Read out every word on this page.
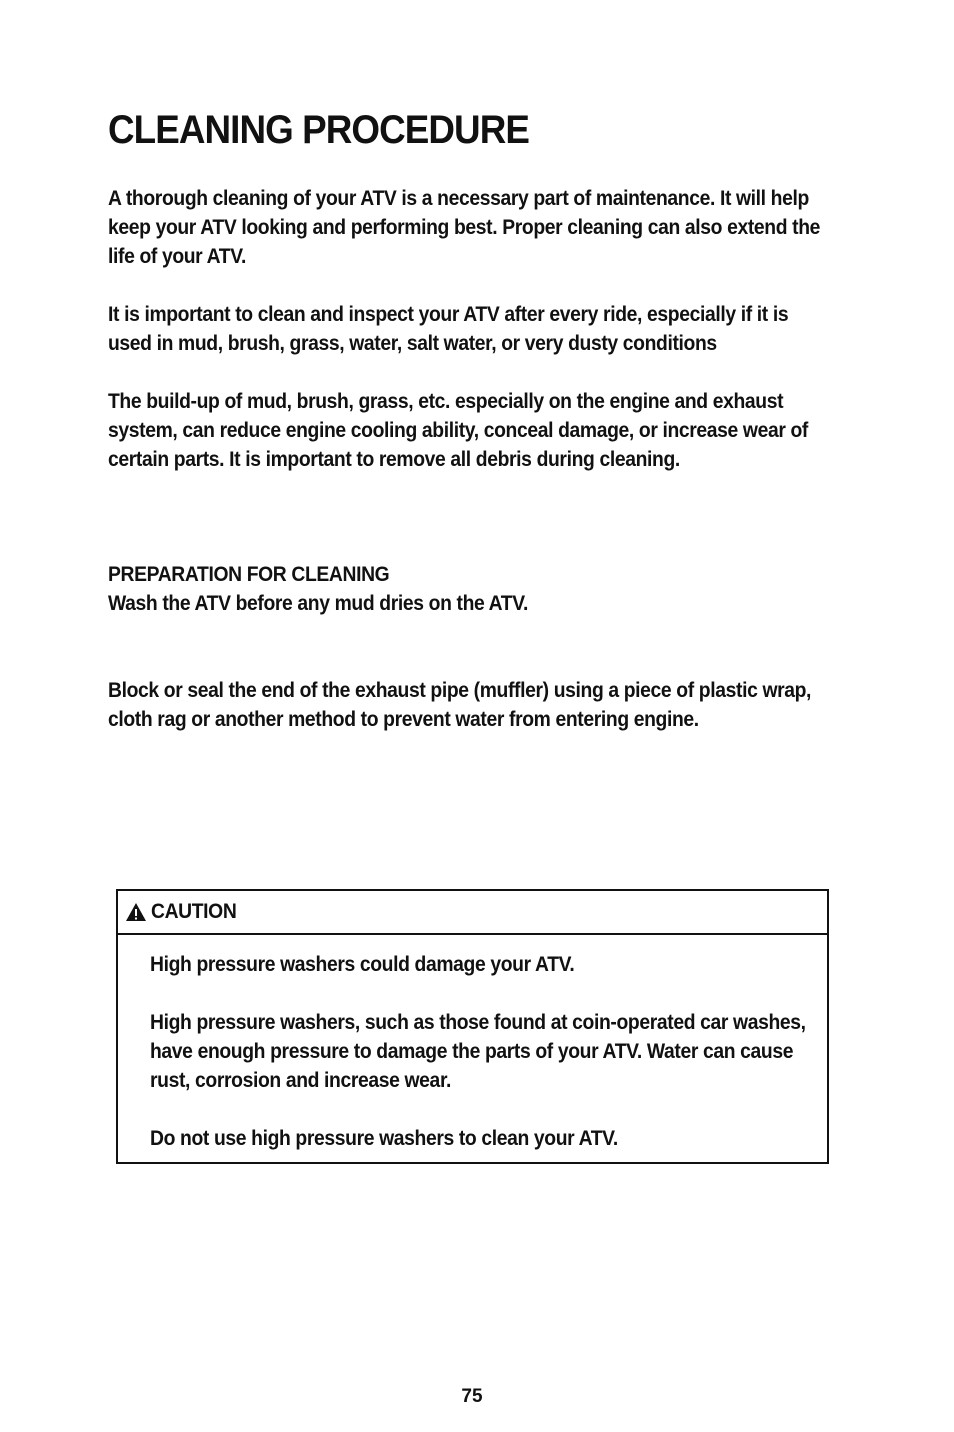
CLEANING PROCEDURE

A thorough cleaning of your ATV is a necessary part of maintenance. It will help keep your ATV looking and performing best. Proper cleaning can also extend the life of your ATV.

It is important to clean and inspect your ATV after every ride, especially if it is used in mud, brush, grass, water, salt water, or very dusty conditions

The build-up of mud, brush, grass, etc. especially on the engine and exhaust system, can reduce engine cooling ability, conceal damage, or increase wear of certain parts. It is important to remove all debris during cleaning.

PREPARATION FOR CLEANING

Wash the ATV before any mud dries on the ATV.

Block or seal the end of the exhaust pipe (muffler) using a piece of plastic wrap, cloth rag or another method to prevent water from entering engine.

CAUTION

High pressure washers could damage your ATV.

High pressure washers, such as those found at coin-operated car washes, have enough pressure to damage the parts of your ATV. Water can cause rust, corrosion and increase wear.

Do not use high pressure washers to clean your ATV.

75
